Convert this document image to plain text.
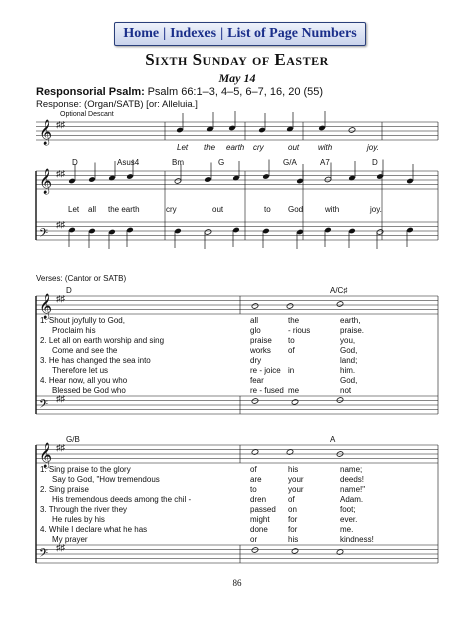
Home | Indexes | List of Page Numbers
Sixth Sunday of Easter
May 14
Responsorial Psalm: Psalm 66:1–3, 4–5, 6–7, 16, 20 (55)
Response: (Organ/SATB) [or: Alleluia.]
Optional Descant
𝄞 ♯♯
𝄞 ♯♯
𝄢
♯♯
𝄞
𝄢
♯♯
♯♯
𝄞
𝄢
♯♯
♯♯
Let the earth cry	out with	joy.
D	Asus4	Bm	G	G/A	A7	D
Let all the earth	cry	out	to God	with	joy.
Verses: (Cantor or SATB)
D	A/C♯
1. Shout joyfully to God,	all	the	earth,
Proclaim his	glo	- rious	praise.
2. Let all on earth worship and sing	praise to	you,
Come and see the	works of	God,
3. He has changed the sea into	dry	land;
Therefore let us	re - joice in	him.
4. Hear now, all you who	fear	God,
Blessed be God who	re - fused me	not
G/B	A
1. Sing praise to the glory	of	his	name;
Say to God, "How tremendous	are	your	deeds!
2. Sing praise	to	your	name!"
His tremendous deeds among the chil -	dren	of	Adam.
3. Through the river they	passed on	foot;
He rules by his	might for	ever.
4. While I declare what he has	done	for	me.
My prayer	or	his	kindness!
86
